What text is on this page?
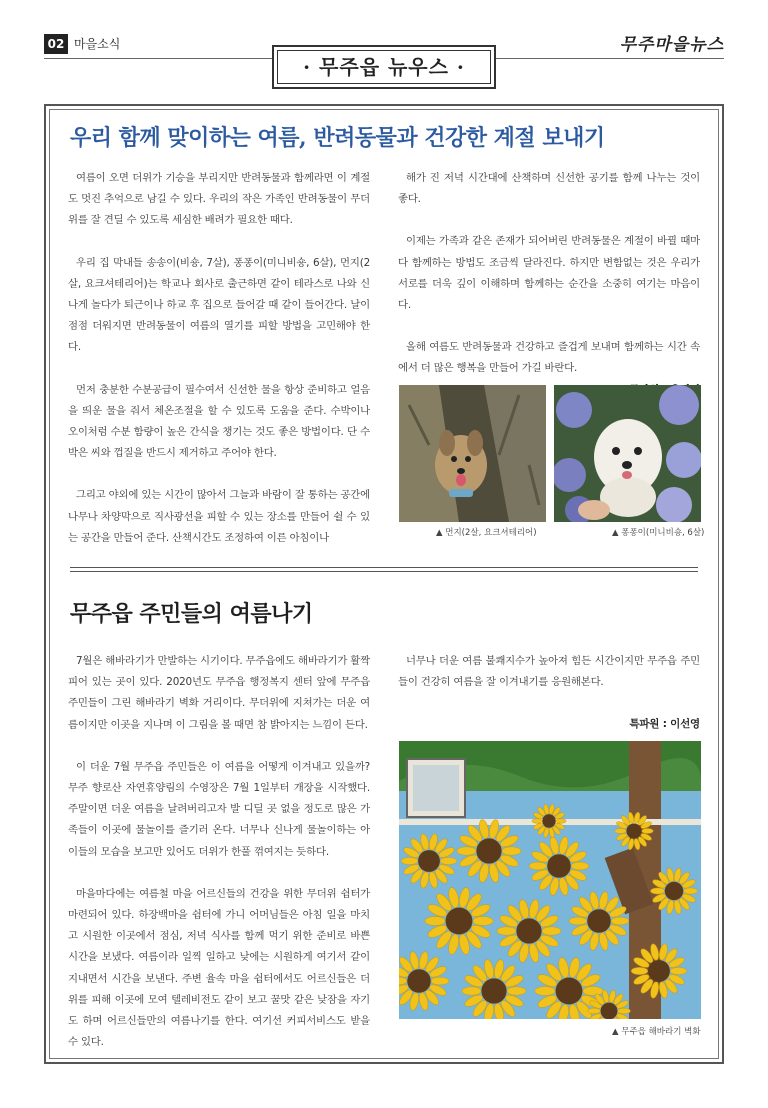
02 마을소식	무주마을뉴스
· 무주읍 뉴우스 ·
우리 함께 맞이하는 여름, 반려동물과 건강한 계절 보내기

여름이 오면 더위가 기승을 부리지만 반려동물과 함께라면 이 계절도 멋진 추억으로 남길 수 있다. 우리의 작은 가족인 반려동물이 무더위를 잘 견딜 수 있도록 세심한 배려가 필요한 때다.

우리 집 막내들 송송이(비숑, 7살), 퐁퐁이(미니비숑, 6살), 먼지(2살, 요크셔테리어)는 학교나 회사로 출근하면 같이 테라스로 나와 신나게 놀다가 퇴근이나 하교 후 집으로 들어갈 때 같이 들어간다. 날이 점점 더워지면 반려동물이 여름의 열기를 피할 방법을 고민해야 한다.

먼저 충분한 수분공급이 필수여서 신선한 물을 항상 준비하고 얼음을 띄운 물을 줘서 체온조절을 할 수 있도록 도움을 준다. 수박이나 오이처럼 수분 함량이 높은 간식을 챙기는 것도 좋은 방법이다. 단 수박은 씨와 껍질을 반드시 제거하고 주어야 한다.

그리고 야외에 있는 시간이 많아서 그늘과 바람이 잘 통하는 공간에 나무나 차양막으로 직사광선을 피할 수 있는 장소를 만들어 쉴 수 있는 공간을 만들어 준다. 산책시간도 조정하여 이른 아침이나

해가 진 저녁 시간대에 산책하며 신선한 공기를 함께 나누는 것이 좋다.

이제는 가족과 같은 존재가 되어버린 반려동물은 계절이 바뀔 때마다 함께하는 방법도 조금씩 달라진다. 하지만 변함없는 것은 우리가 서로를 더욱 깊이 이해하며 함께하는 순간을 소중히 여기는 마음이다.

올해 여름도 반려동물과 건강하고 즐겁게 보내며 함께하는 시간 속에서 더 많은 행복을 만들어 가길 바란다.

▲ 먼지(2살, 요크셔테리어)	▲ 퐁퐁이(미니비숑, 6살)
무주읍 주민들의 여름나기

7월은 해바라기가 만발하는 시기이다. 무주읍에도 해바라기가 활짝 피어 있는 곳이 있다. 2020년도 무주읍 행정복지 센터 앞에 무주읍 주민들이 그린 해바라기 벽화 거리이다. 무더위에 지쳐가는 더운 여름이지만 이곳을 지나며 이 그림을 볼 때면 참 밝아지는 느낌이 든다.

이 더운 7월 무주읍 주민들은 이 여름을 어떻게 이겨내고 있을까? 무주 향로산 자연휴양림의 수영장은 7월 1일부터 개장을 시작했다. 주말이면 더운 여름을 날려버리고자 발 디딜 곳 없을 정도로 많은 가족들이 이곳에 물놀이를 즐기러 온다. 너무나 신나게 물놀이하는 아이들의 모습을 보고만 있어도 더위가 한풀 꺾여지는 듯하다.

마을마다에는 여름철 마을 어르신들의 건강을 위한 무더위 쉼터가 마련되어 있다. 하장백마을 쉼터에 가니 어머님들은 아침 일을 마치고 시원한 이곳에서 점심, 저녁 식사를 함께 먹기 위한 준비로 바쁜 시간을 보냈다. 여름이라 일찍 일하고 낮에는 시원하게 여기서 같이 지내면서 시간을 보낸다. 주변 율속 마을 쉼터에서도 어르신들은 더위를 피해 이곳에 모여 텔레비전도 같이 보고 꿀맛 같은 낮잠을 자기도 하며 어르신들만의 여름나기를 한다. 여기선 커피서비스도 받을 수 있다.

너무나 더운 여름 불쾌지수가 높아져 힘든 시간이지만 무주읍 주민들이 건강히 여름을 잘 이겨내기를 응원해본다.

특파원 : 이선영
▲ 무주읍 해바라기 벽화
